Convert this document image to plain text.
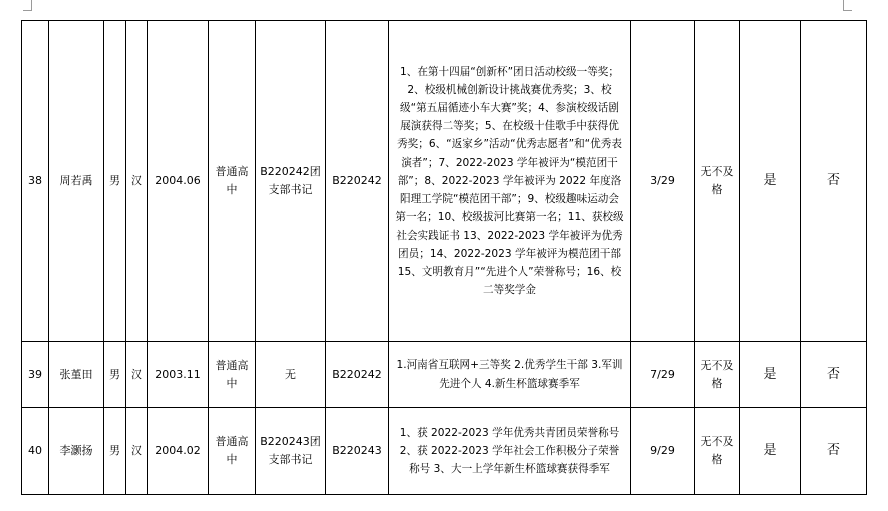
38	周若禹	男	汉	2004.06	普通高中	B220242团支部书记	B220242	1、在第十四届“创新杯”团日活动校级一等奖；2、校级机械创新设计挑战赛优秀奖；3、校级“第五届循迹小车大赛”奖；4、参演校级话剧展演获得二等奖；5、在校级十佳歌手中获得优秀奖；6、“返家乡”活动“优秀志愿者”和“优秀表演者”；7、2022-2023 学年被评为“模范团干部”；8、2022-2023 学年被评为 2022 年度洛阳理工学院“模范团干部”；9、校级趣味运动会第一名；10、校级拔河比赛第一名；11、获校级社会实践证书 13、2022-2023 学年被评为优秀团员；14、2022-2023 学年被评为模范团干部 15、文明教育月”“先进个人”荣誉称号；16、校二等奖学金	3/29	无不及格	是	否
39	张堇田	男	汉	2003.11	普通高中	无	B220242	1.河南省互联网+三等奖 2.优秀学生干部 3.军训先进个人 4.新生杯篮球赛季军	7/29	无不及格	是	否
40	李灏扬	男	汉	2004.02	普通高中	B220243团支部书记	B220243	1、获 2022-2023 学年优秀共青团员荣誉称号 2、获 2022-2023 学年社会工作积极分子荣誉称号 3、大一上学年新生杯篮球赛获得季军	9/29	无不及格	是	否
